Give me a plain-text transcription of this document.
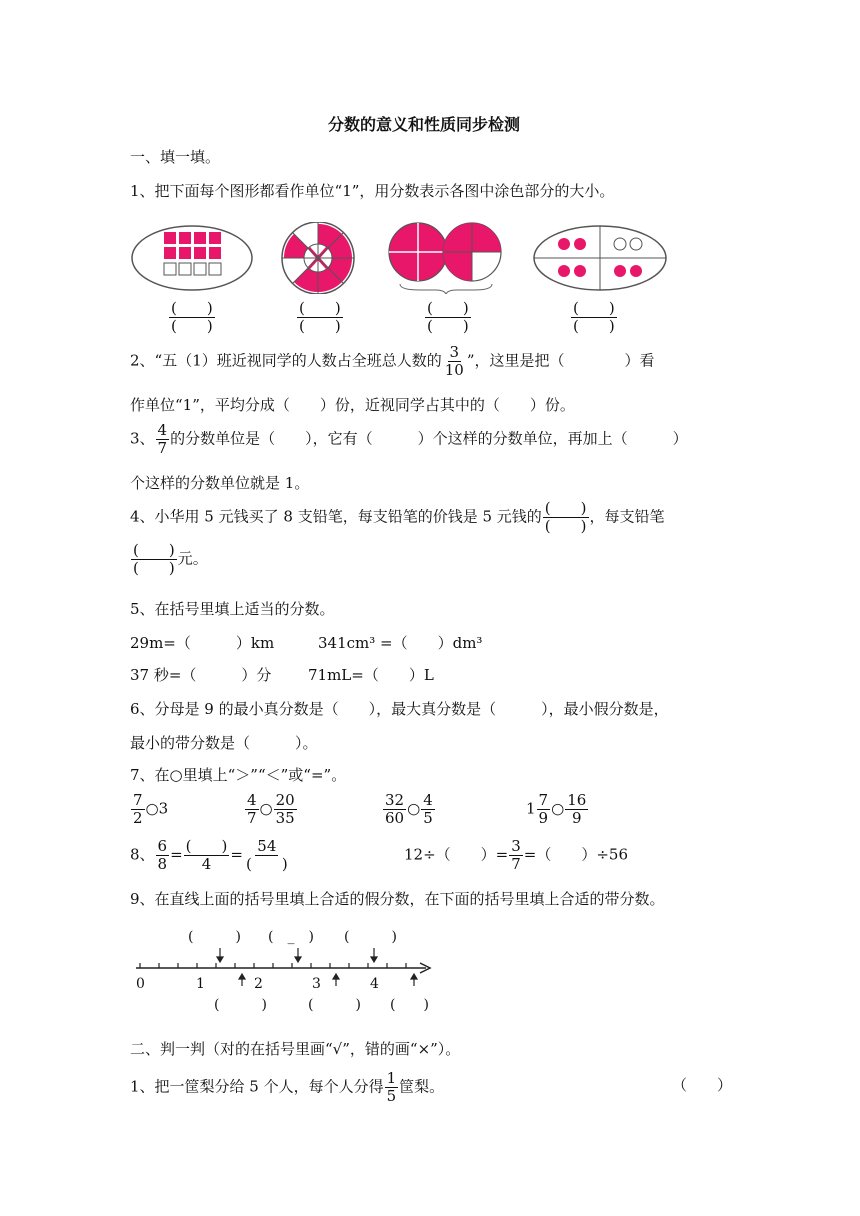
分数的意义和性质同步检测
一、填一填。
1、把下面每个图形都看作单位“1”，用分数表示各图中涂色部分的大小。
$\frac{( )}{( )}$	$\frac{( )}{( )}$	$\frac{( )}{( )}$	$\frac{( )}{( )}$
2、“五（1）班近视同学的人数占全班总人数的 $\frac{3}{10}$ ”，这里是把（　　　　）看
作单位“1”，平均分成（　　）份，近视同学占其中的（　　）份。
3、 $\frac{4}{7}$ 的分数单位是（　　），它有（　　　）个这样的分数单位，再加上（　　　）
个这样的分数单位就是 1。
4、小华用 5 元钱买了 8 支铅笔，每支铅笔的价钱是 5 元钱的 $\frac{( )}{( )}$ ，每支铅笔
$\frac{( )}{( )}$ 元。
5、在括号里填上适当的分数。
29m=（　　　）km	341cm³ =（　　）dm³
37 秒=（　　　）分 71mL=（　　）L
6、分母是 9 的最小真分数是（　　），最大真分数是（　　　），最小假分数是，
最小的带分数是（　　　）。
7、在○里填上“＞”“＜”或“=”。
$\frac{7}{2}$ ○3	$\frac{4}{7}$ ○ $\frac{20}{35}$	$\frac{32}{60}$ ○ $\frac{4}{5}$	$1 \frac{7}{9}$ ○ $\frac{16}{9}$
8、 $\frac{6}{8} = \frac{( )}{4} = \frac{54}{( )}$	12÷（　　）= $\frac{3}{7}$ =（　　）÷56
9、在直线上面的括号里填上合适的假分数，在下面的括号里填上合适的带分数。
(　　　) (　_　) (　　　)
0	1	2	3	4
(　　　)	(　　　) (　　)
二、判一判（对的在括号里画“√”，错的画“×”）。
1、把一筐梨分给 5 个人，每个人分得 $\frac{1}{5}$ 筐梨。	（　　）
